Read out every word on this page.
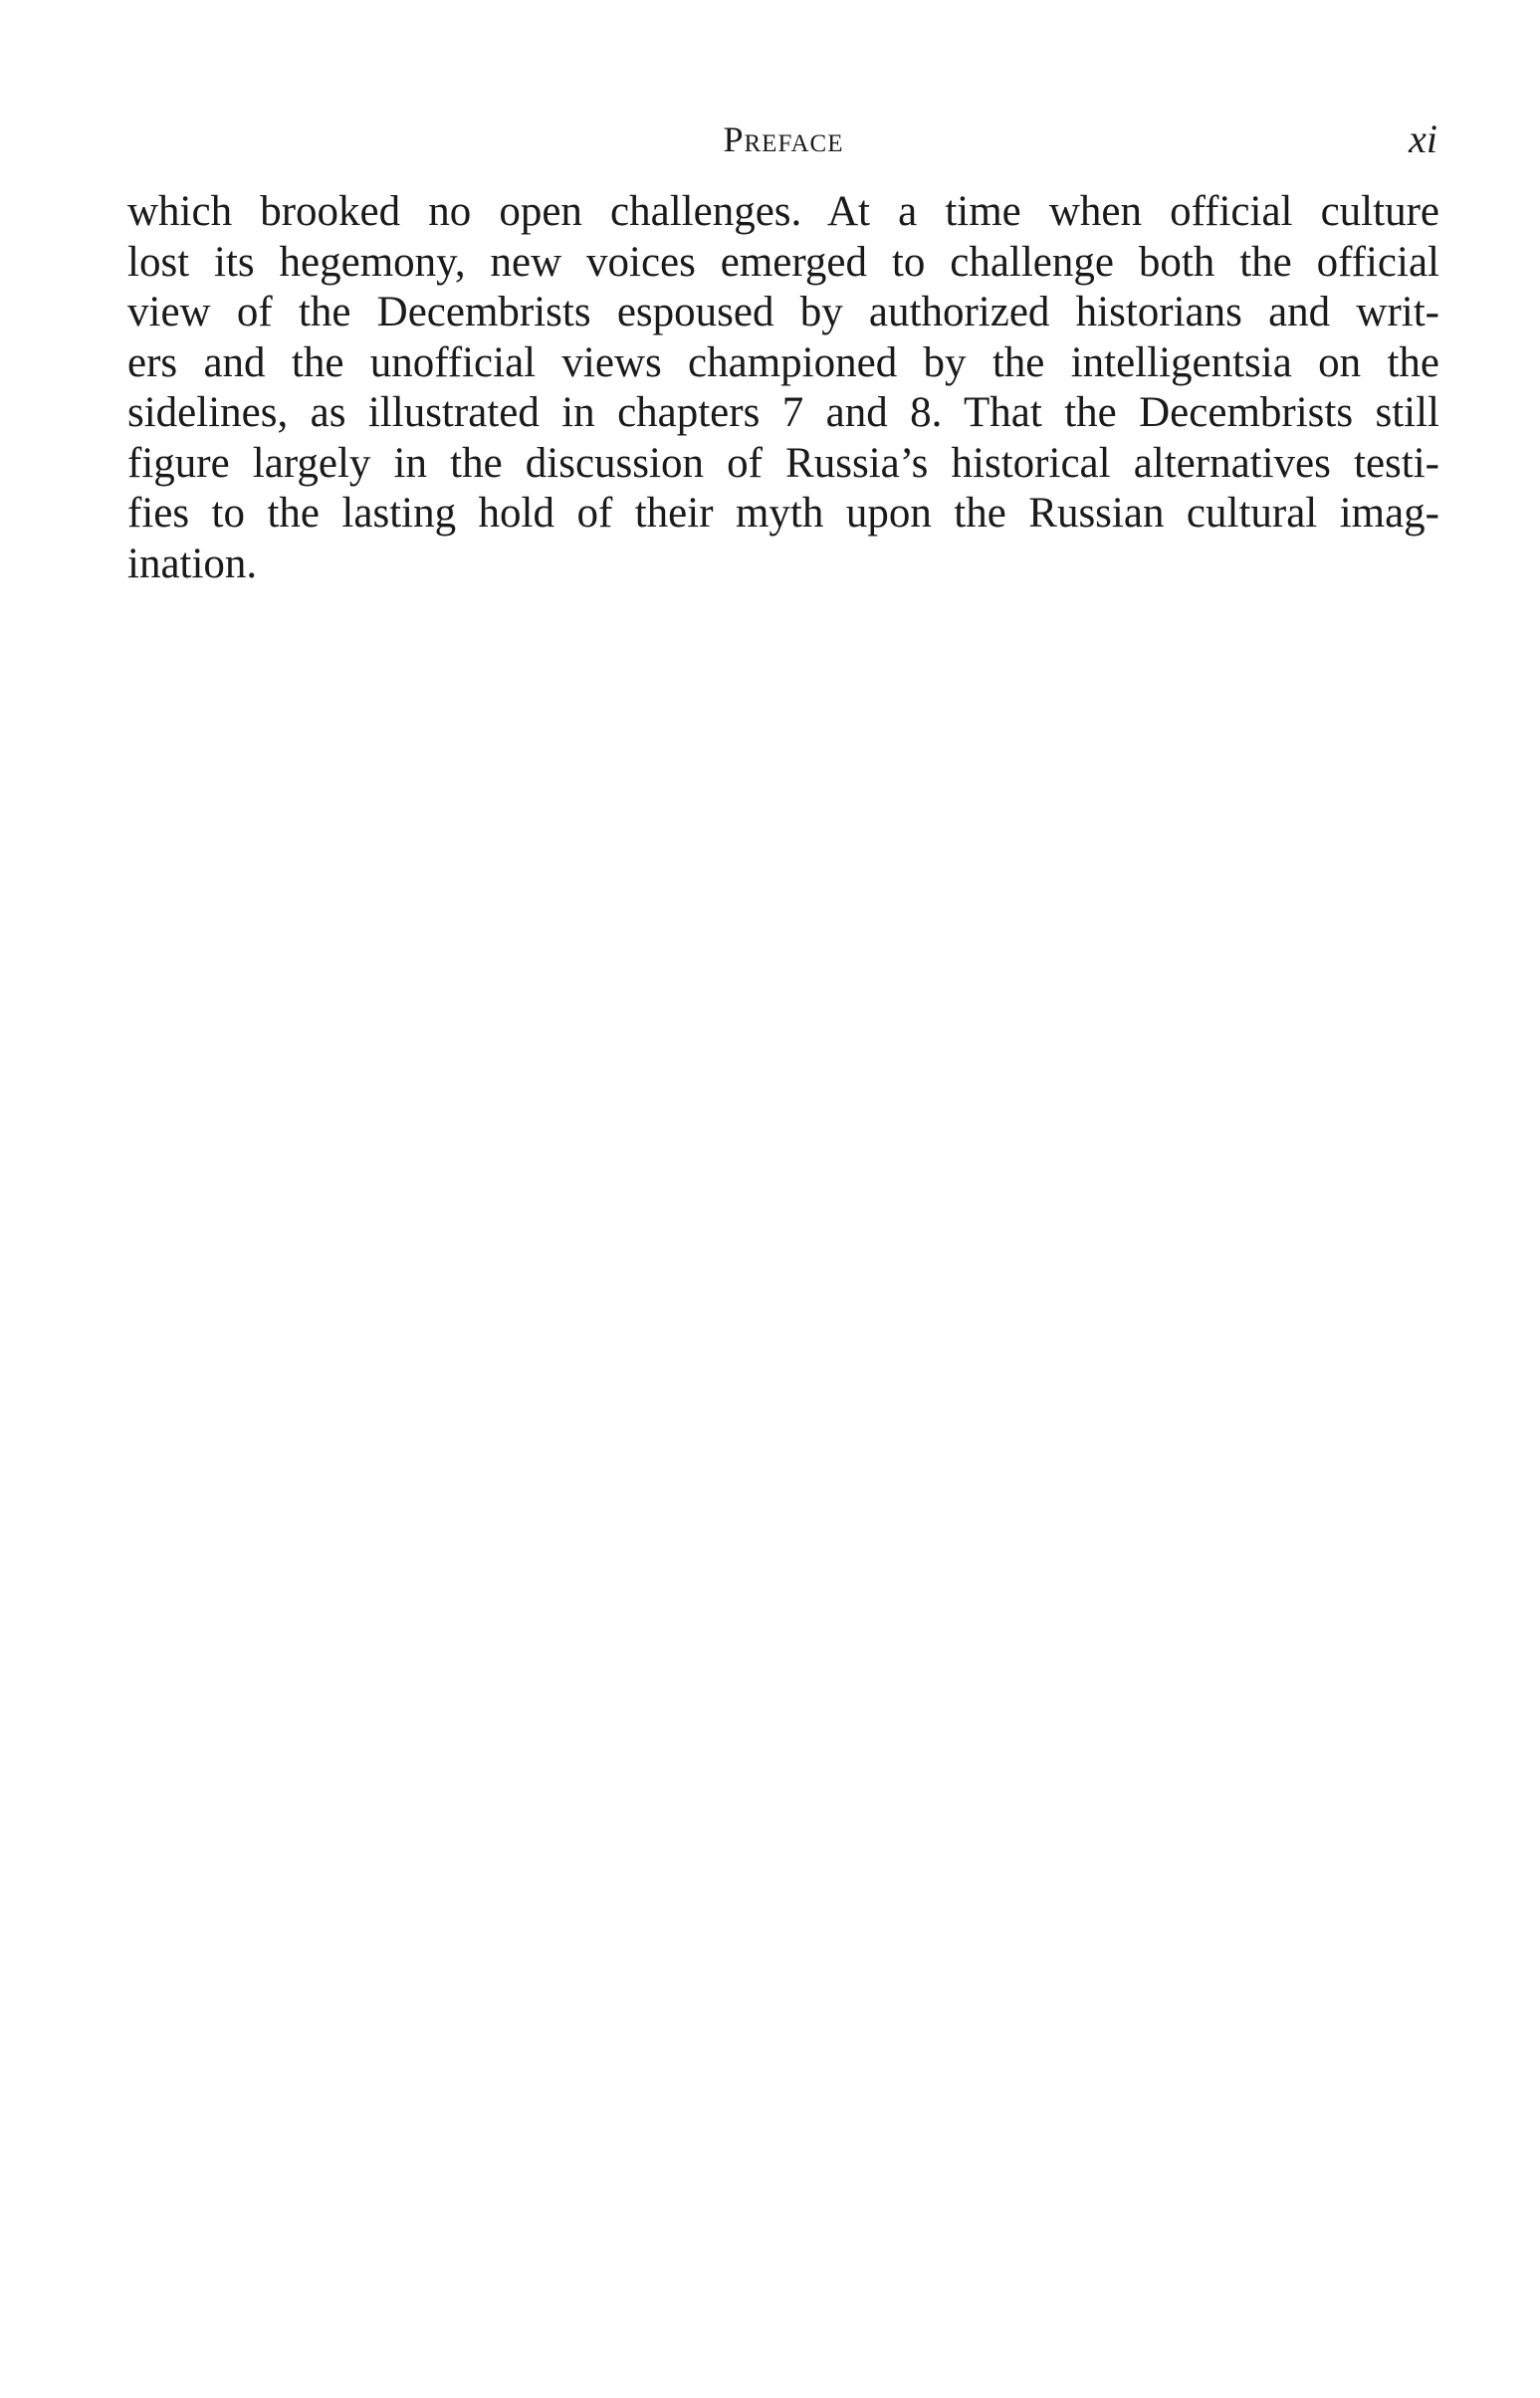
Preface	xi
which brooked no open challenges. At a time when official culture
lost its hegemony, new voices emerged to challenge both the official
view of the Decembrists espoused by authorized historians and writ-
ers and the unofficial views championed by the intelligentsia on the
sidelines, as illustrated in chapters 7 and 8. That the Decembrists still
figure largely in the discussion of Russia’s historical alternatives testi-
fies to the lasting hold of their myth upon the Russian cultural imag-
ination.
